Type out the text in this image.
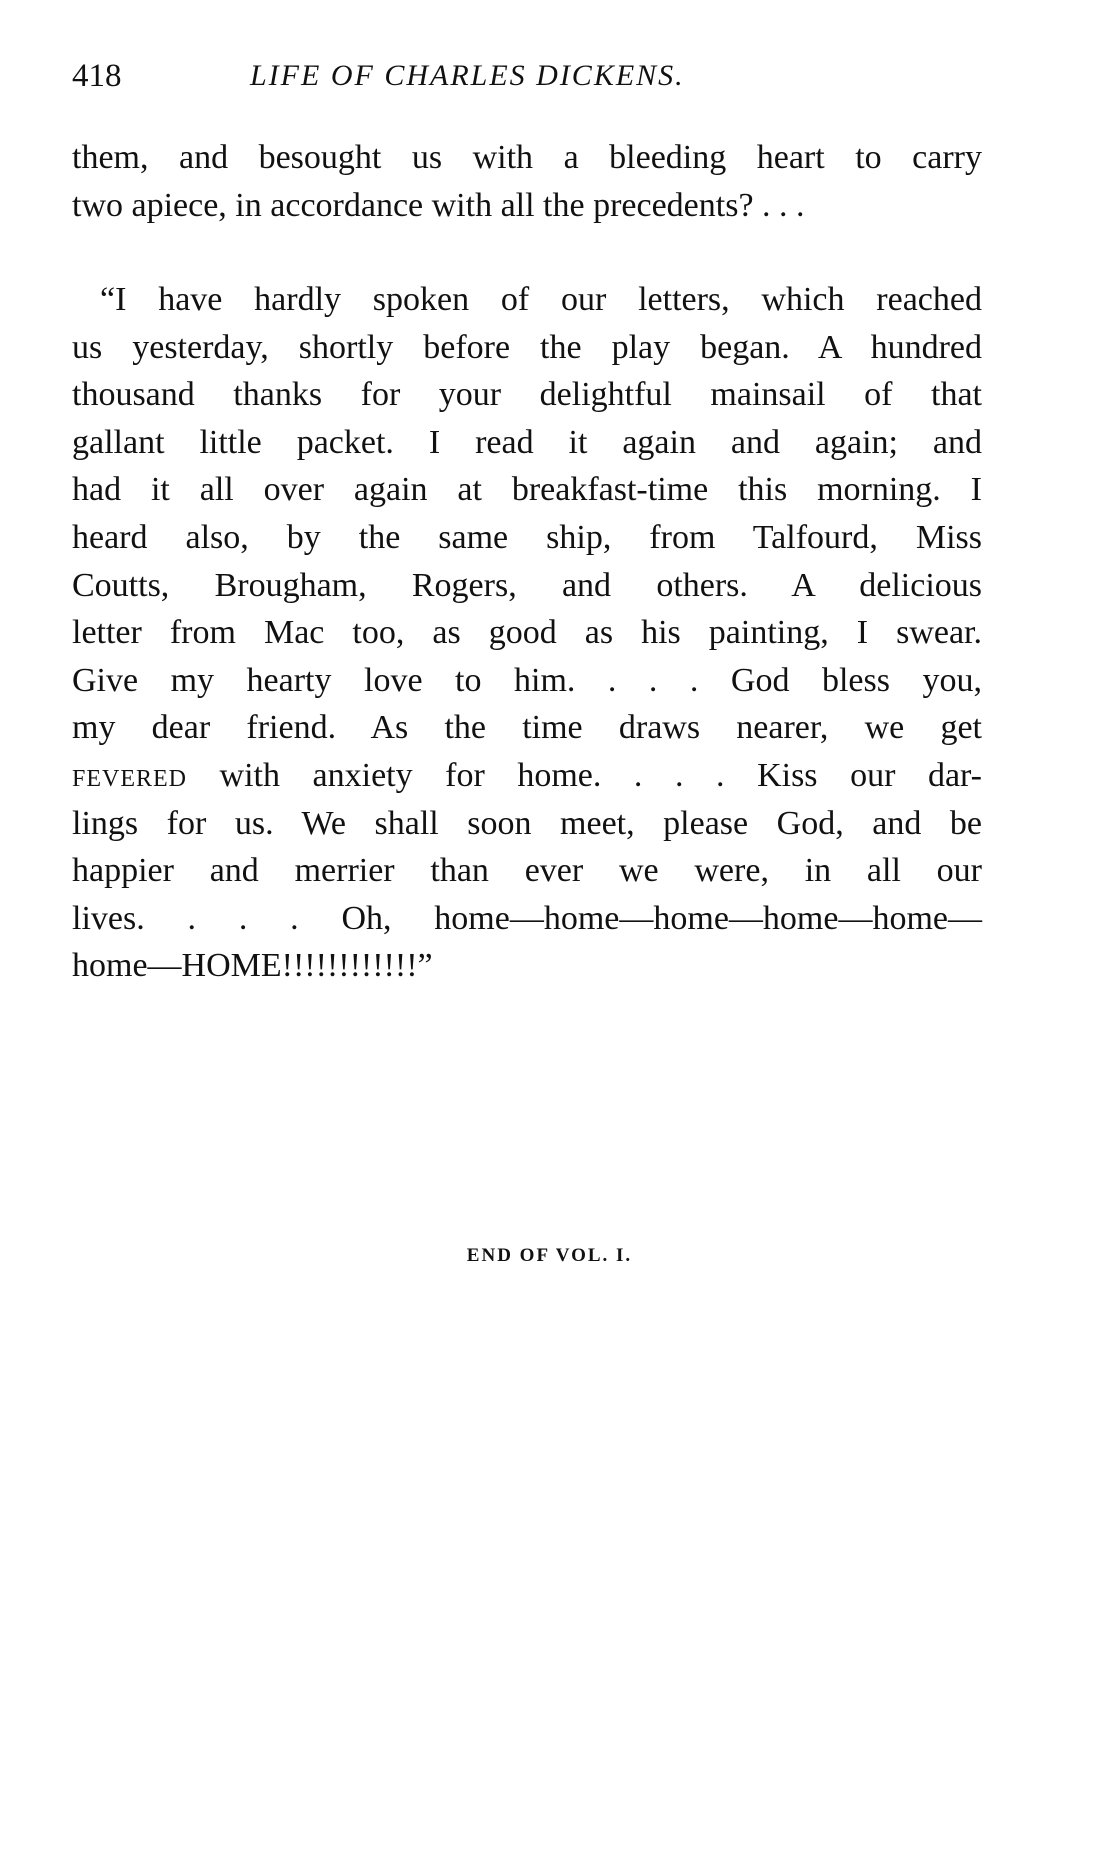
418	LIFE OF CHARLES DICKENS.
them, and besought us with a bleeding heart to carry
two apiece, in accordance with all the precedents? . . .
“I have hardly spoken of our letters, which reached
us yesterday, shortly before the play began. A hundred
thousand thanks for your delightful mainsail of that
gallant little packet. I read it again and again; and
had it all over again at breakfast-time this morning. I
heard also, by the same ship, from Talfourd, Miss
Coutts, Brougham, Rogers, and others. A delicious
letter from Mac too, as good as his painting, I swear.
Give my hearty love to him. . . . God bless you,
my dear friend. As the time draws nearer, we get
fevered with anxiety for home. . . . Kiss our dar-
lings for us. We shall soon meet, please God, and be
happier and merrier than ever we were, in all our
lives. . . . Oh, home—home—home—home—home—
home—HOME!!!!!!!!!!!!”
END OF VOL. I.
